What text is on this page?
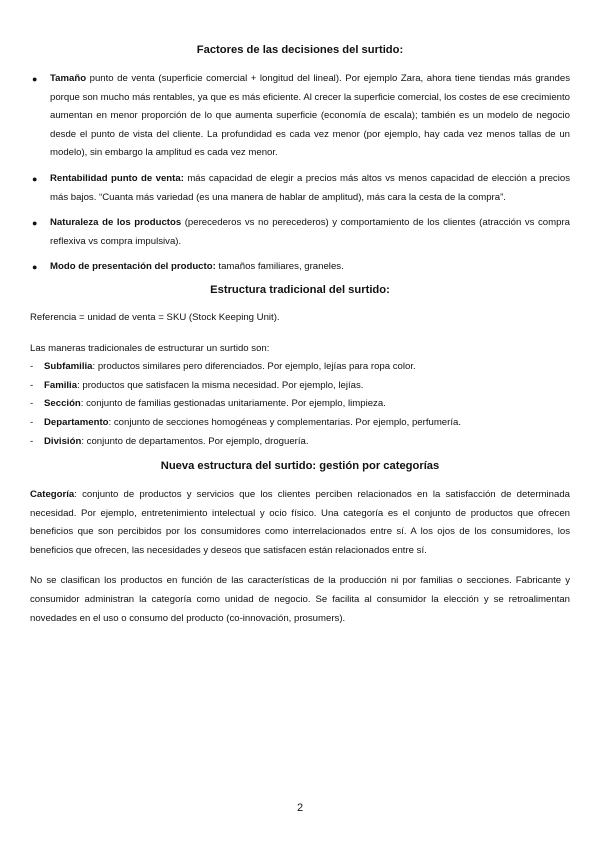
Factores de las decisiones del surtido:
●	Tamaño punto de venta (superficie comercial + longitud del lineal). Por ejemplo Zara, ahora tiene tiendas más grandes porque son mucho más rentables, ya que es más eficiente. Al crecer la superficie comercial, los costes de ese crecimiento aumentan en menor proporción de lo que aumenta superficie (economía de escala); también es un modelo de negocio desde el punto de vista del cliente. La profundidad es cada vez menor (por ejemplo, hay cada vez menos tallas de un modelo), sin embargo la amplitud es cada vez menor.

●	Rentabilidad punto de venta: más capacidad de elegir a precios más altos vs menos capacidad de elección a precios más bajos. “Cuanta más variedad (es una manera de hablar de amplitud), más cara la cesta de la compra”.

●	Naturaleza de los productos (perecederos vs no perecederos) y comportamiento de los clientes (atracción vs compra reflexiva vs compra impulsiva).

●	Modo de presentación del producto: tamaños familiares, graneles.

Estructura tradicional del surtido:

Referencia = unidad de venta = SKU (Stock Keeping Unit).

Las maneras tradicionales de estructurar un surtido son:

-	Subfamilia: productos similares pero diferenciados. Por ejemplo, lejías para ropa color.

-	Familia: productos que satisfacen la misma necesidad. Por ejemplo, lejías.

-	Sección: conjunto de familias gestionadas unitariamente. Por ejemplo, limpieza.

-	Departamento: conjunto de secciones homogéneas y complementarias. Por ejemplo, perfumería.

-	División: conjunto de departamentos. Por ejemplo, droguería.

Nueva estructura del surtido: gestión por categorías

Categoría: conjunto de productos y servicios que los clientes perciben relacionados en la satisfacción de determinada necesidad. Por ejemplo, entretenimiento intelectual y ocio físico. Una categoría es el conjunto de productos que ofrecen beneficios que son percibidos por los consumidores como interrelacionados entre sí. A los ojos de los consumidores, los beneficios que ofrecen, las necesidades y deseos que satisfacen están relacionados entre sí.

No se clasifican los productos en función de las características de la producción ni por familias o secciones. Fabricante y consumidor administran la categoría como unidad de negocio. Se facilita al consumidor la elección y se retroalimentan novedades en el uso o consumo del producto (co-innovación, prosumers).

2
